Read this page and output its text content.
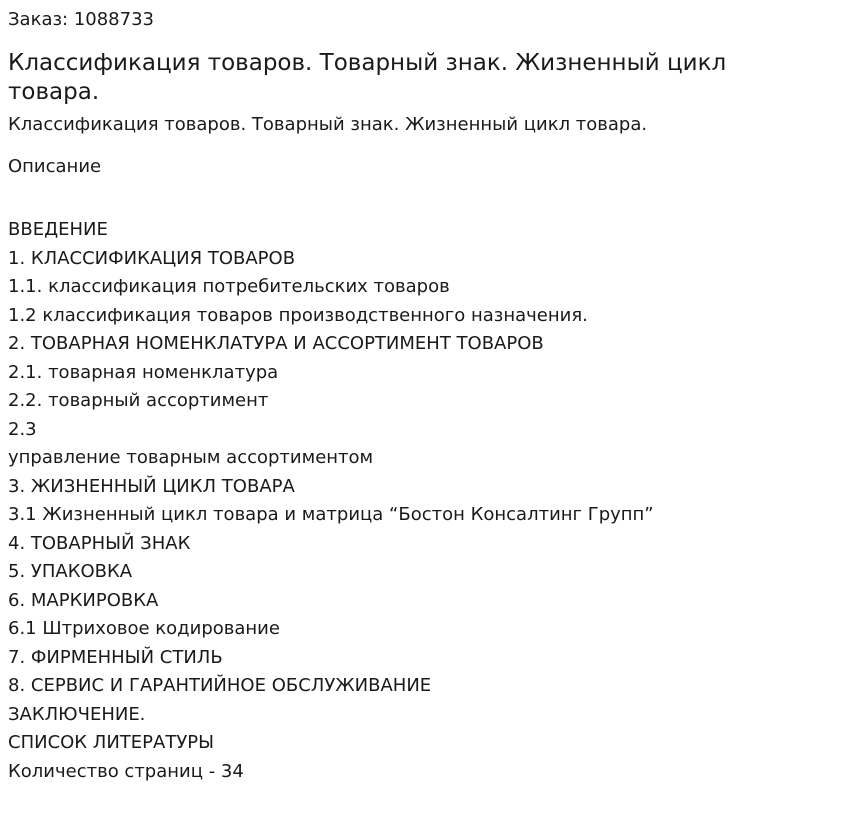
Заказ: 1088733

Классификация товаров. Товарный знак. Жизненный цикл товара.

Классификация товаров. Товарный знак. Жизненный цикл товара.

Описание

ВВЕДЕНИЕ
1. КЛАССИФИКАЦИЯ ТОВАРОВ
1.1. классификация потребительских товаров
1.2 классификация товаров производственного назначения.
2. ТОВАРНАЯ НОМЕНКЛАТУРА И АССОРТИМЕНТ ТОВАРОВ
2.1. товарная номенклатура
2.2. товарный ассортимент
2.3
управление товарным ассортиментом
3. ЖИЗНЕННЫЙ ЦИКЛ ТОВАРА
3.1 Жизненный цикл товара и матрица “Бостон Консалтинг Групп”
4. ТОВАРНЫЙ ЗНАК
5. УПАКОВКА
6. МАРКИРОВКА
6.1 Штриховое кодирование
7. ФИРМЕННЫЙ СТИЛЬ
8. СЕРВИС И ГАРАНТИЙНОЕ ОБСЛУЖИВАНИЕ
ЗАКЛЮЧЕНИЕ.
СПИСОК ЛИТЕРАТУРЫ

Количество страниц - 34
